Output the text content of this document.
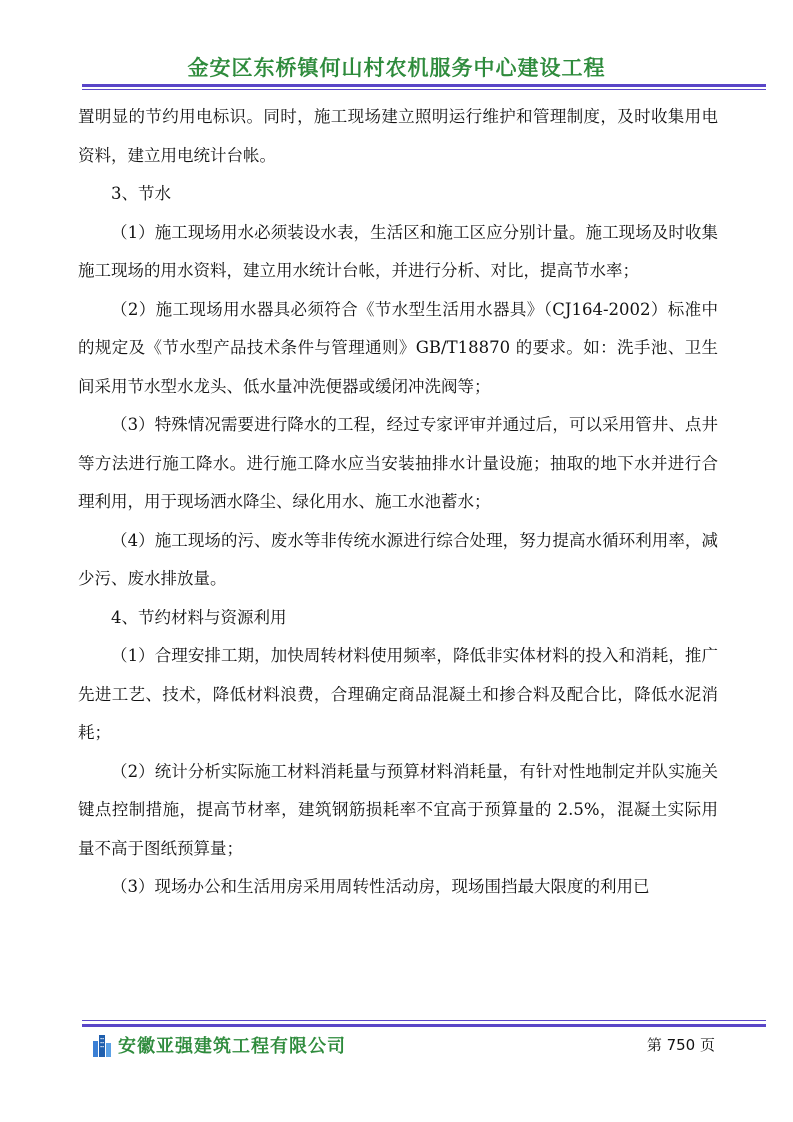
金安区东桥镇何山村农机服务中心建设工程

置明显的节约用电标识。同时，施工现场建立照明运行维护和管理制度，及时收集用电资料，建立用电统计台帐。

3、节水

（1）施工现场用水必须装设水表，生活区和施工区应分别计量。施工现场及时收集施工现场的用水资料，建立用水统计台帐，并进行分析、对比，提高节水率；

（2）施工现场用水器具必须符合《节水型生活用水器具》（CJ164-2002）标准中的规定及《节水型产品技术条件与管理通则》GB/T18870 的要求。如：洗手池、卫生间采用节水型水龙头、低水量冲洗便器或缓闭冲洗阀等；

（3）特殊情况需要进行降水的工程，经过专家评审并通过后，可以采用管井、点井等方法进行施工降水。进行施工降水应当安装抽排水计量设施；抽取的地下水并进行合理利用，用于现场洒水降尘、绿化用水、施工水池蓄水；

（4）施工现场的污、废水等非传统水源进行综合处理，努力提高水循环利用率，减少污、废水排放量。

4、节约材料与资源利用

（1）合理安排工期，加快周转材料使用频率，降低非实体材料的投入和消耗，推广先进工艺、技术，降低材料浪费，合理确定商品混凝土和掺合料及配合比，降低水泥消耗；

（2）统计分析实际施工材料消耗量与预算材料消耗量，有针对性地制定并队实施关键点控制措施，提高节材率，建筑钢筋损耗率不宜高于预算量的 2.5%，混凝土实际用量不高于图纸预算量；

（3）现场办公和生活用房采用周转性活动房，现场围挡最大限度的利用已

安徽亚强建筑工程有限公司	第 750 页
